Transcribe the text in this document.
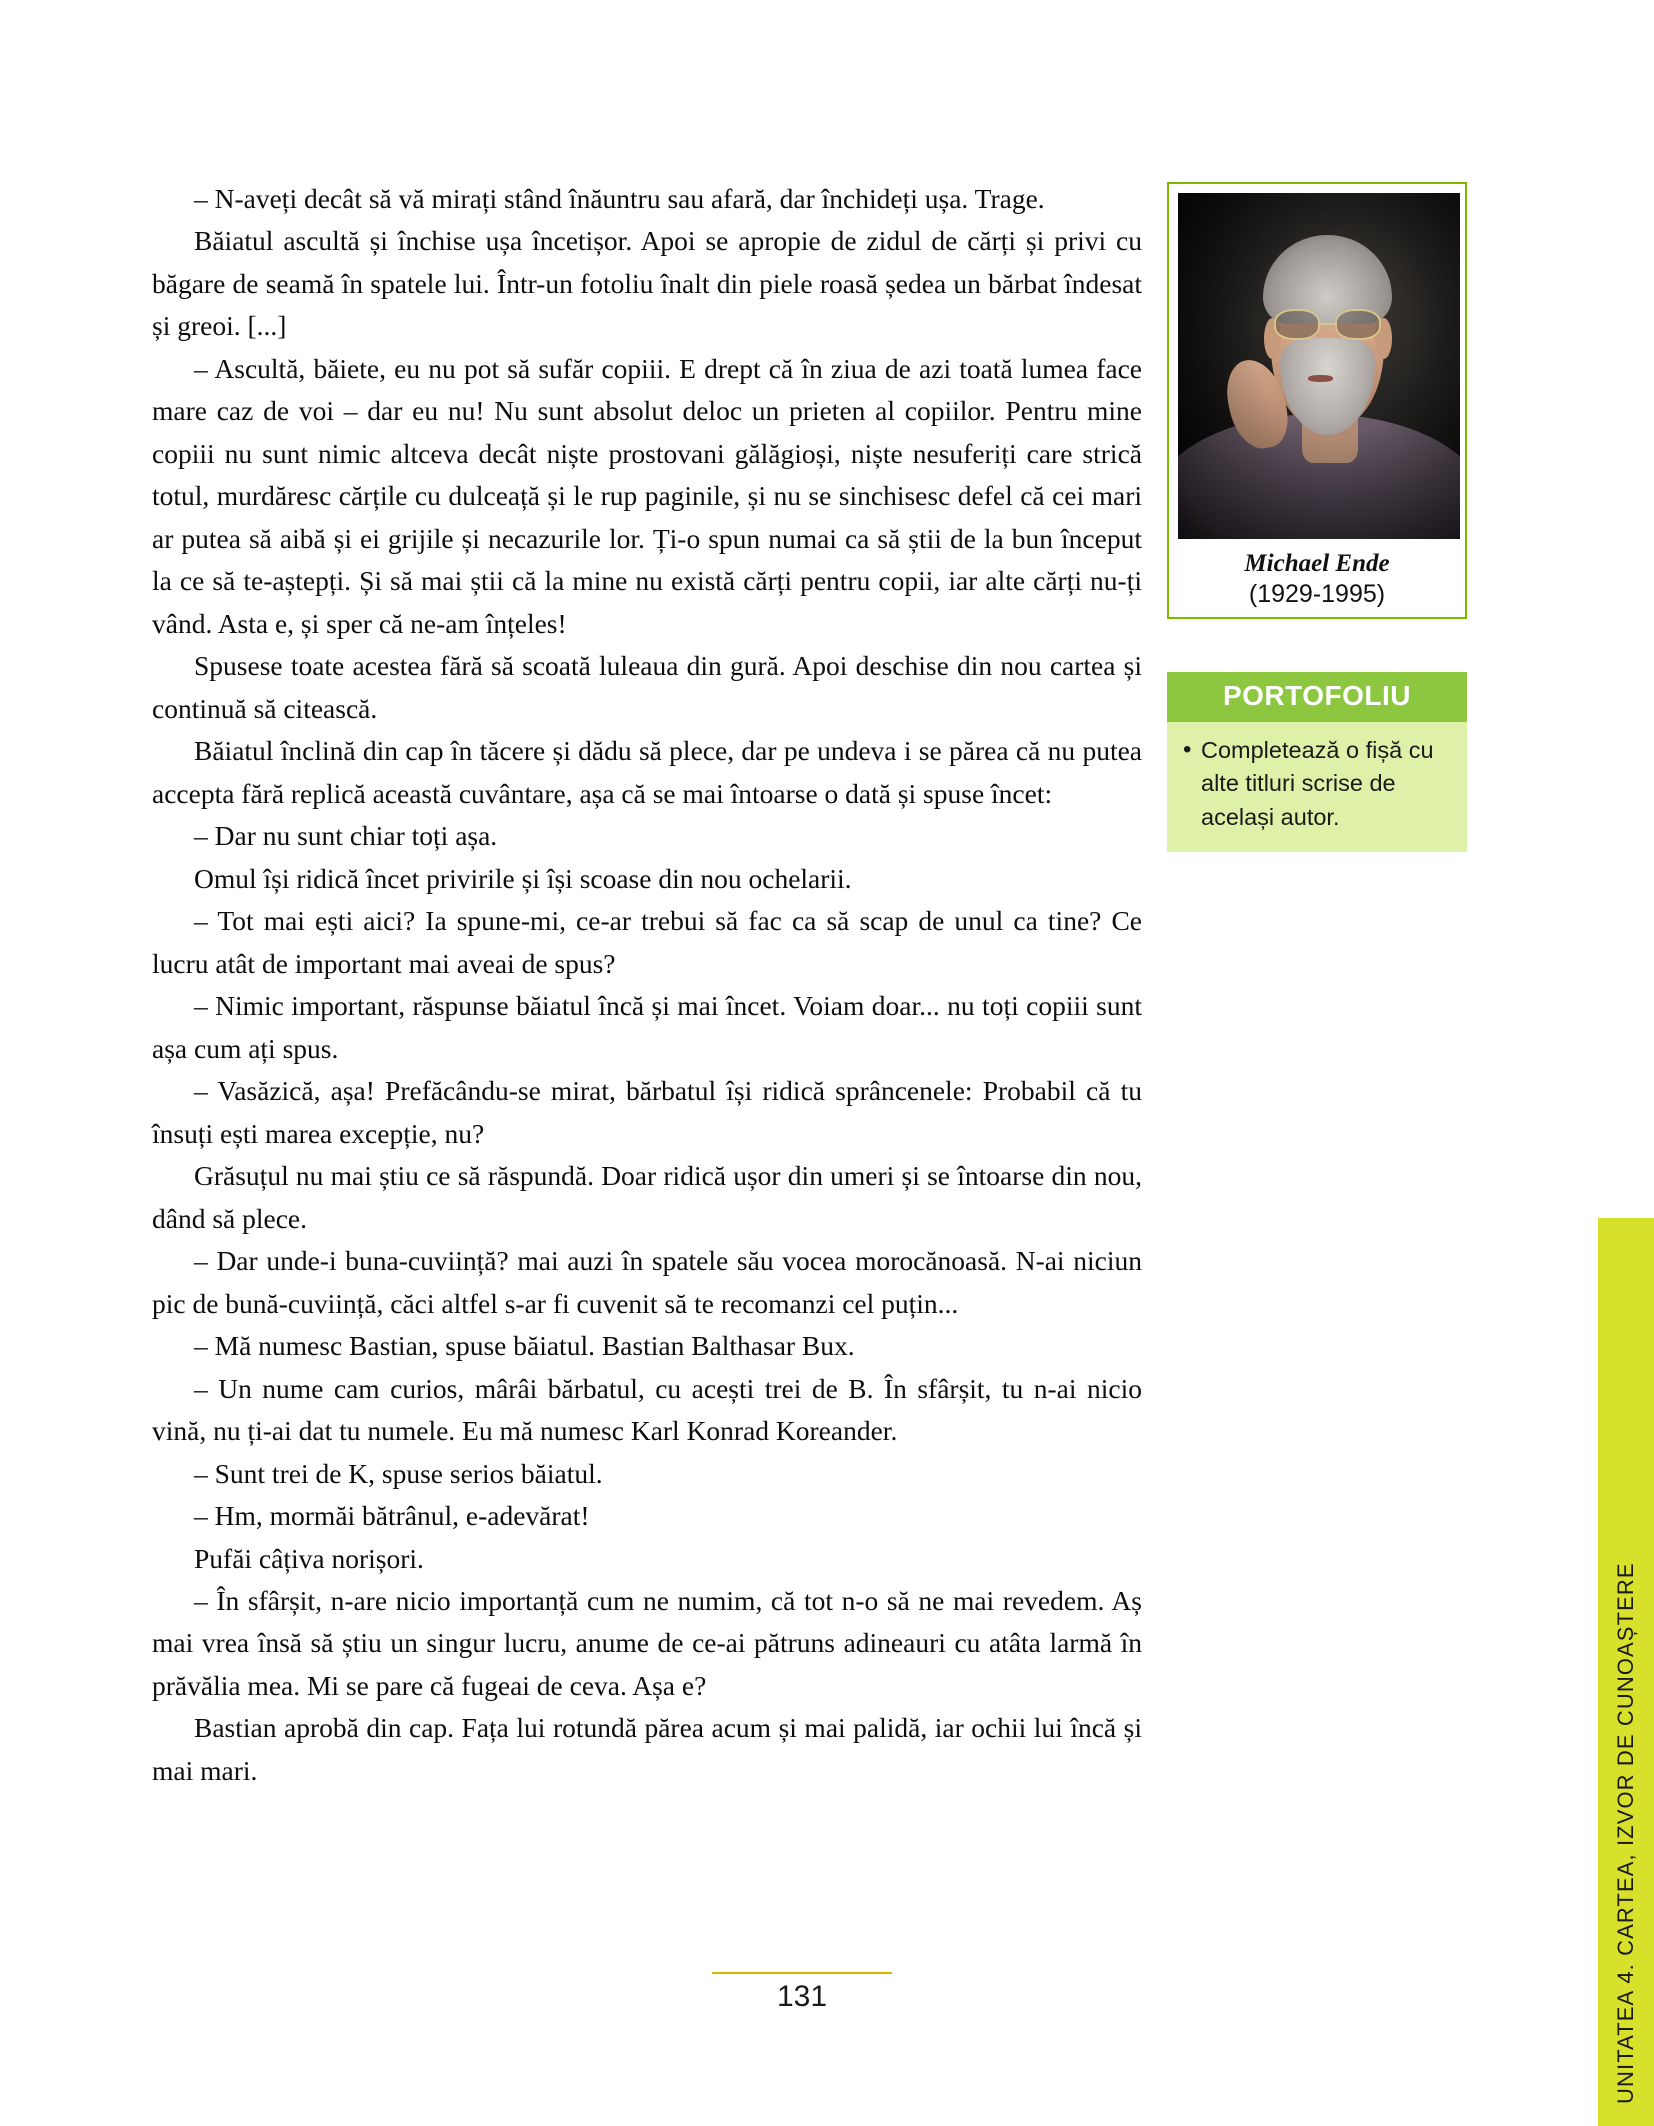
– N-aveți decât să vă mirați stând înăuntru sau afară, dar închideți ușa. Trage.

Băiatul ascultă și închise ușa încetișor. Apoi se apropie de zidul de cărți și privi cu băgare de seamă în spatele lui. Într-un fotoliu înalt din piele roasă ședea un bărbat îndesat și greoi. [...]

– Ascultă, băiete, eu nu pot să sufăr copiii. E drept că în ziua de azi toată lumea face mare caz de voi – dar eu nu! Nu sunt absolut deloc un prieten al copiilor. Pentru mine copiii nu sunt nimic altceva decât niște prostovani gălăgioși, niște nesuferiți care strică totul, murdăresc cărțile cu dulceață și le rup paginile, și nu se sinchisesc defel că cei mari ar putea să aibă și ei grijile și necazurile lor. Ți-o spun numai ca să știi de la bun început la ce să te-aștepți. Și să mai știi că la mine nu există cărți pentru copii, iar alte cărți nu-ți vând. Asta e, și sper că ne-am înțeles!

Spusese toate acestea fără să scoată luleaua din gură. Apoi deschise din nou cartea și continuă să citească.

Băiatul înclină din cap în tăcere și dădu să plece, dar pe undeva i se părea că nu putea accepta fără replică această cuvântare, așa că se mai întoarse o dată și spuse încet:

– Dar nu sunt chiar toți așa.

Omul își ridică încet privirile și își scoase din nou ochelarii.

– Tot mai ești aici? Ia spune-mi, ce-ar trebui să fac ca să scap de unul ca tine? Ce lucru atât de important mai aveai de spus?

– Nimic important, răspunse băiatul încă și mai încet. Voiam doar... nu toți copiii sunt așa cum ați spus.

– Vasăzică, așa! Prefăcându-se mirat, bărbatul își ridică sprâncenele: Probabil că tu însuți ești marea excepție, nu?

Grăsuțul nu mai știu ce să răspundă. Doar ridică ușor din umeri și se întoarse din nou, dând să plece.

– Dar unde-i buna-cuviință? mai auzi în spatele său vocea morocănoasă. N-ai niciun pic de bună-cuviință, căci altfel s-ar fi cuvenit să te recomanzi cel puțin...

– Mă numesc Bastian, spuse băiatul. Bastian Balthasar Bux.

– Un nume cam curios, mârâi bărbatul, cu acești trei de B. În sfârșit, tu n-ai nicio vină, nu ți-ai dat tu numele. Eu mă numesc Karl Konrad Koreander.

– Sunt trei de K, spuse serios băiatul.

– Hm, mormăi bătrânul, e-adevărat!

Pufăi câțiva norișori.

– În sfârșit, n-are nicio importanță cum ne numim, că tot n-o să ne mai revedem. Aș mai vrea însă să știu un singur lucru, anume de ce-ai pătruns adineauri cu atâta larmă în prăvălia mea. Mi se pare că fugeai de ceva. Așa e?

Bastian aprobă din cap. Fața lui rotundă părea acum și mai palidă, iar ochii lui încă și mai mari.

Michael Ende

(1929-1995)

PORTOFOLIU
• Completează o fișă cu alte titluri scrise de același autor.
UNITATEA 4. CARTEA, IZVOR DE CUNOAȘTERE
131
